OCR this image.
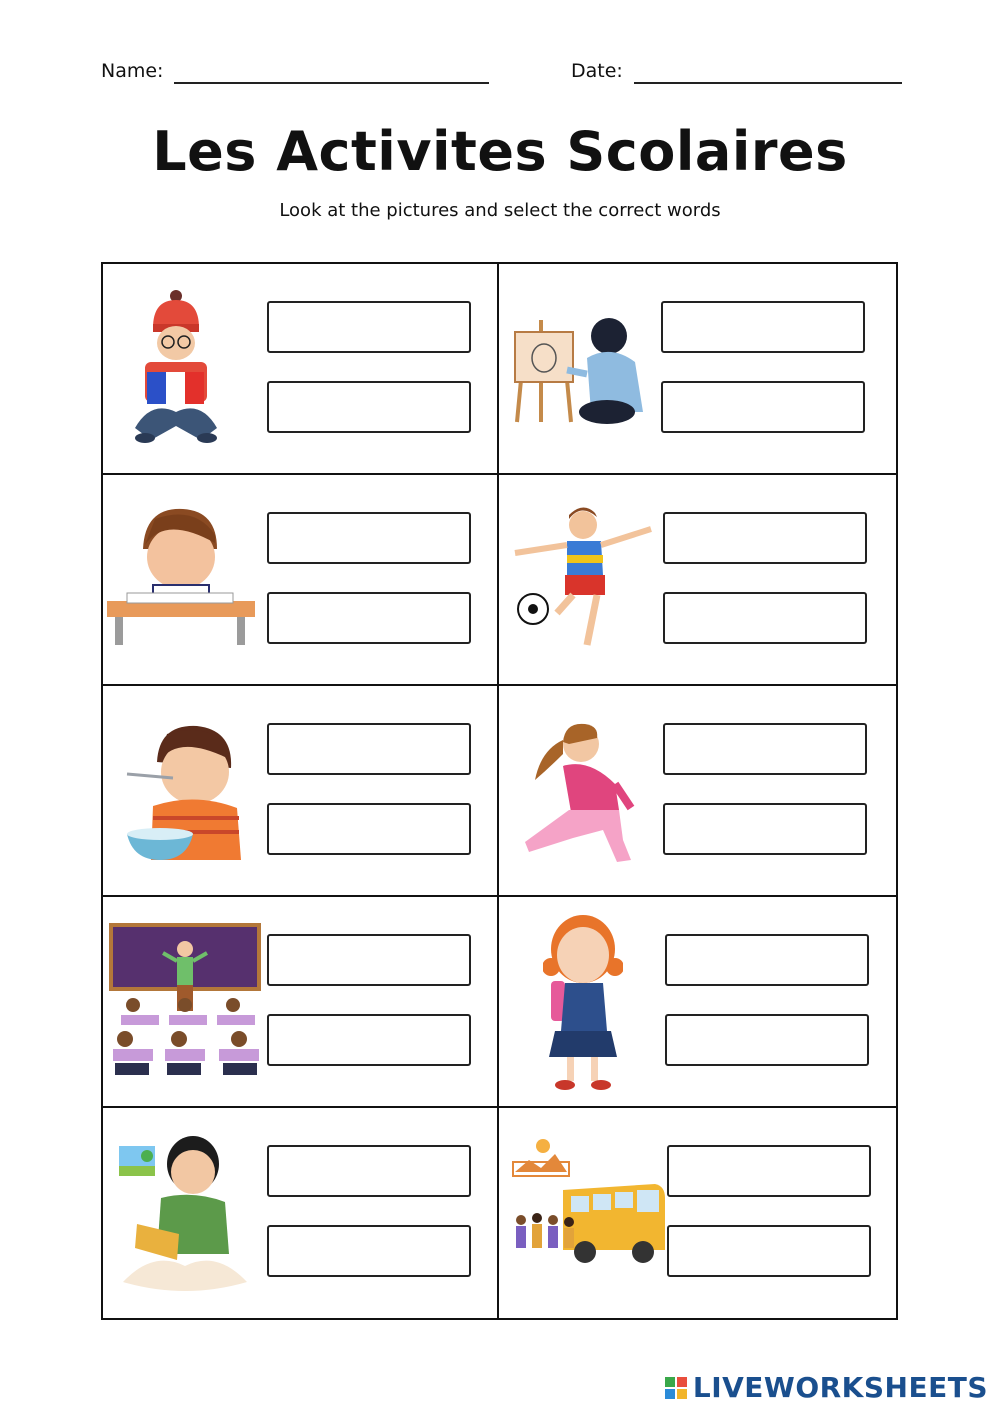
Name:	Date:
Les Activites Scolaires
Look at the pictures and select the correct words
LIVEWORKSHEETS
